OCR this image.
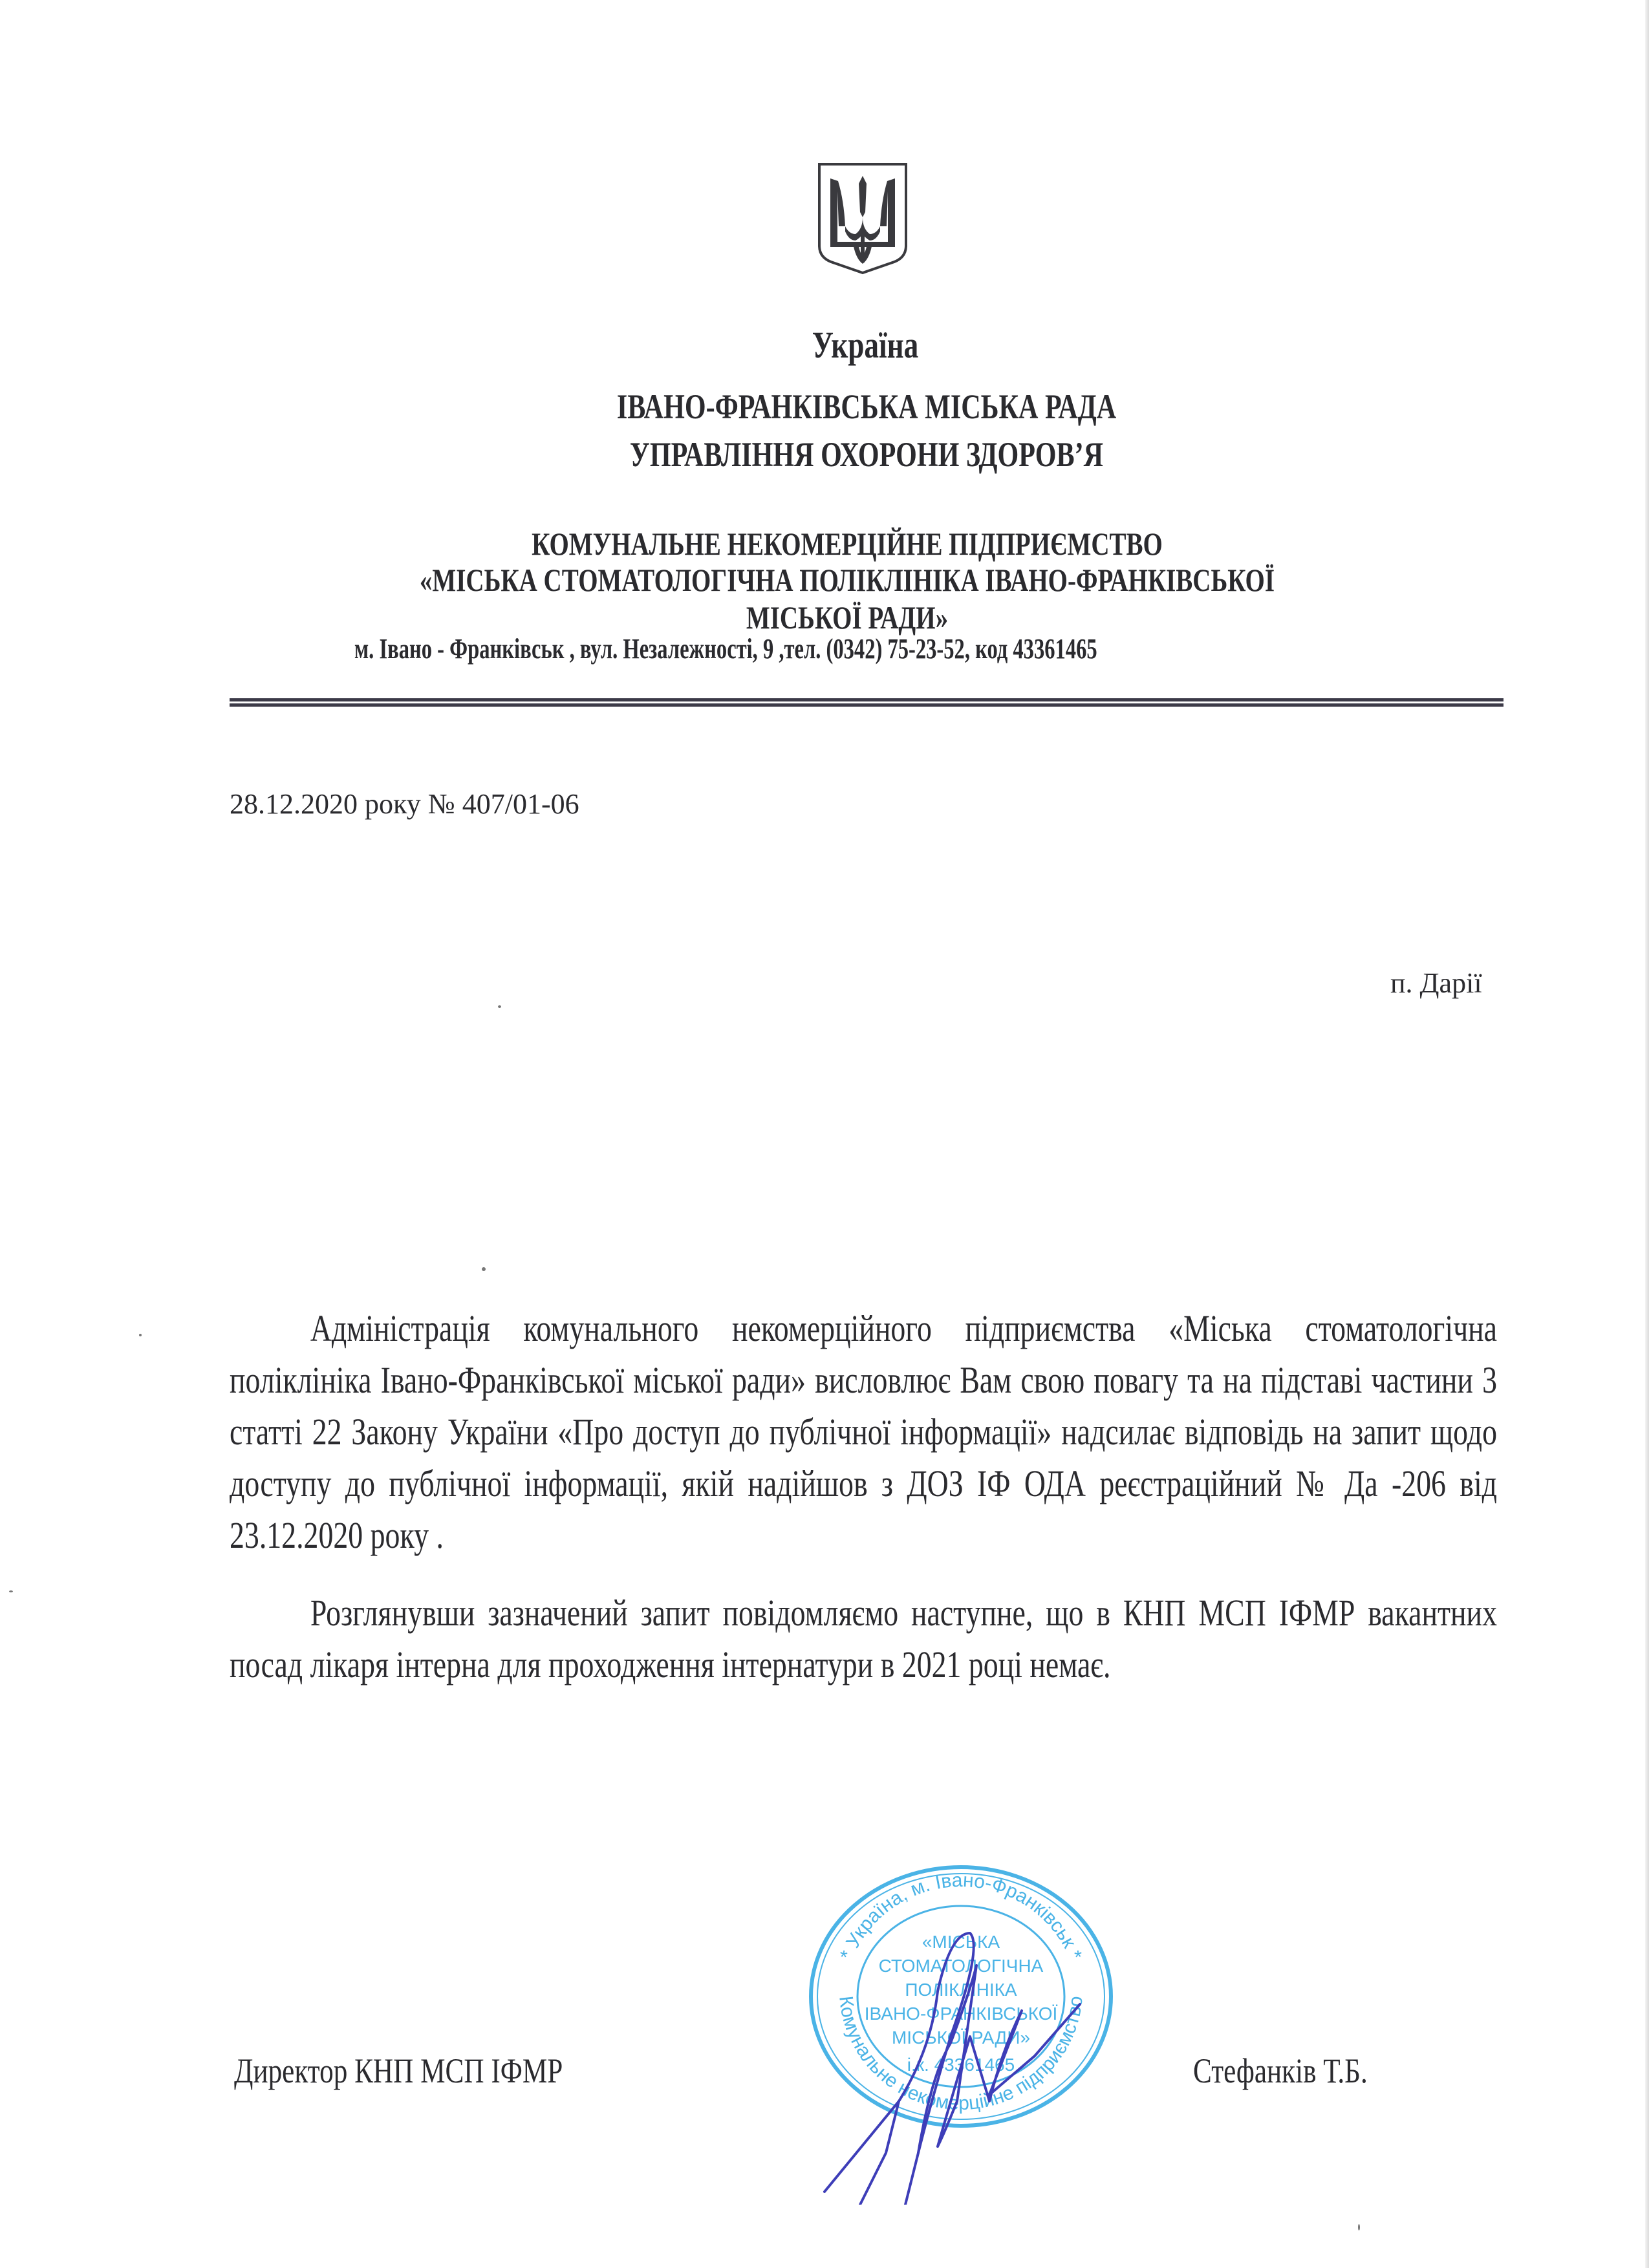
Україна
ІВАНО-ФРАНКІВСЬКА МІСЬКА РАДА
УПРАВЛІННЯ ОХОРОНИ ЗДОРОВ’Я
КОМУНАЛЬНЕ НЕКОМЕРЦІЙНЕ ПІДПРИЄМСТВО
«МІСЬКА СТОМАТОЛОГІЧНА ПОЛІКЛІНІКА ІВАНО-ФРАНКІВСЬКОЇ
МІСЬКОЇ РАДИ»
м. Івано - Франківськ , вул. Незалежності, 9 ,тел. (0342) 75-23-52, код 43361465
28.12.2020 року № 407/01-06
п. Дарії

Адміністрація комунального некомерційного підприємства «Міська стоматологічна поліклініка Івано-Франківської міської ради» висловлює Вам свою повагу та на підставі частини 3 статті 22 Закону України «Про доступ до публічної інформації» надсилає відповідь на запит щодо доступу до публічної інформації, якій надійшов з ДОЗ ІФ ОДА реєстраційний № Да -206 від 23.12.2020 року .

Розглянувши зазначений запит повідомляємо наступне, що в КНП МСП ІФМР вакантних посад лікаря інтерна для проходження інтернатури в 2021 році немає.

* Україна, м. Івано-Франківськ *
Комунальне некомерційне підприємство
«МІСЬКА
СТОМАТОЛОГІЧНА
ПОЛІКЛІНІКА
ІВАНО-ФРАНКІВСЬКОЇ
МІСЬКОЇ РАДИ»
і.к. 43361465
Директор КНП МСП ІФМР	Стефанків Т.Б.
